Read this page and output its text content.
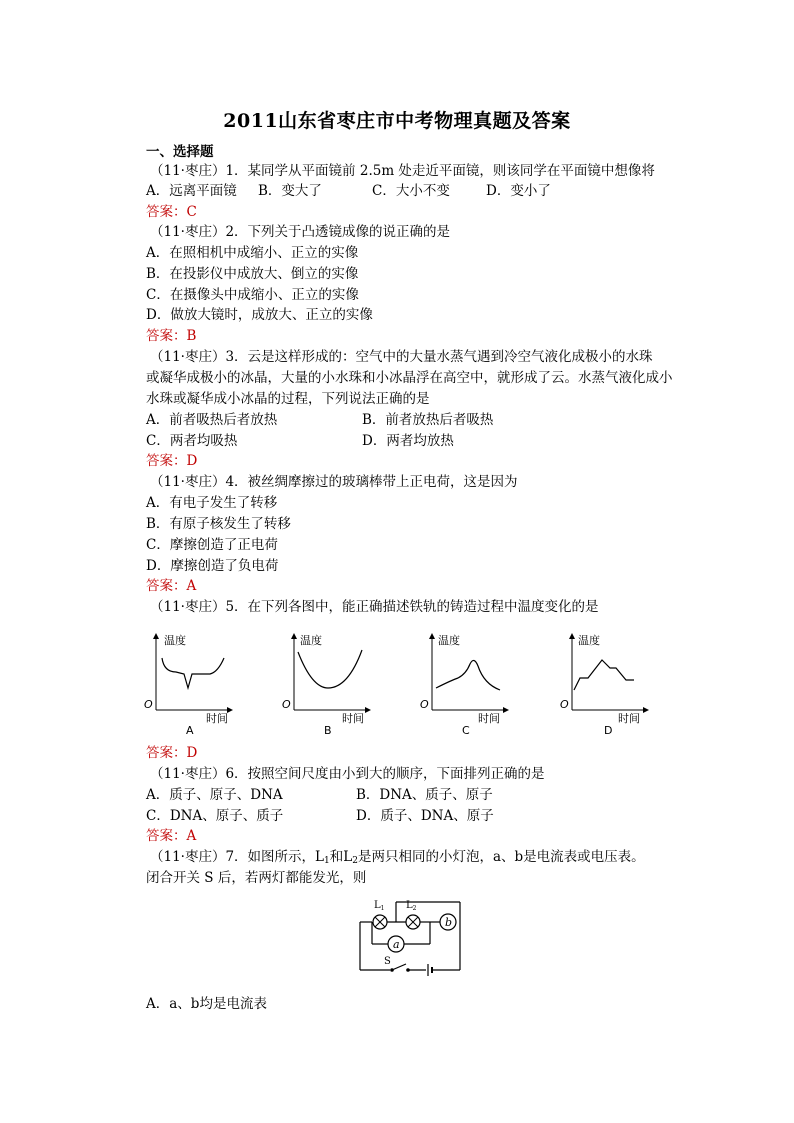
2011山东省枣庄市中考物理真题及答案
一、选择题
（11·枣庄）1．某同学从平面镜前 2.5m 处走近平面镜，则该同学在平面镜中想像将
A．远离平面镜 B．变大了	C．大小不变	D．变小了
答案：C
（11·枣庄）2．下列关于凸透镜成像的说正确的是
A．在照相机中成缩小、正立的实像
B．在投影仪中成放大、倒立的实像
C．在摄像头中成缩小、正立的实像
D．做放大镜时，成放大、正立的实像
答案：B
（11·枣庄）3．云是这样形成的：空气中的大量水蒸气遇到冷空气液化成极小的水珠
或凝华成极小的冰晶，大量的小水珠和小冰晶浮在高空中，就形成了云。水蒸气液化成小
水珠或凝华成小冰晶的过程，下列说法正确的是
A．前者吸热后者放热	B．前者放热后者吸热
C．两者均吸热	D．两者均放热
答案：D
（11·枣庄）4．被丝绸摩擦过的玻璃棒带上正电荷，这是因为
A．有电子发生了转移
B．有原子核发生了转移
C．摩擦创造了正电荷
D．摩擦创造了负电荷
答案：A
（11·枣庄）5．在下列各图中，能正确描述铁轨的铸造过程中温度变化的是
温度
O
时间
A
温度
O
时间
B
温度
O
时间
C
温度
O
时间
D
答案：D
（11·枣庄）6．按照空间尺度由小到大的顺序，下面排列正确的是
A．质子、原子、DNA	B．DNA、质子、原子
C．DNA、原子、质子	D．质子、DNA、原子
答案：A
（11·枣庄）7．如图所示，$L_1$和$L_2$是两只相同的小灯泡，a、b是电流表或电压表。
闭合开关 S 后，若两灯都能发光，则
$L_1$ $L_2$
b
a
S
A．a、b均是电流表
